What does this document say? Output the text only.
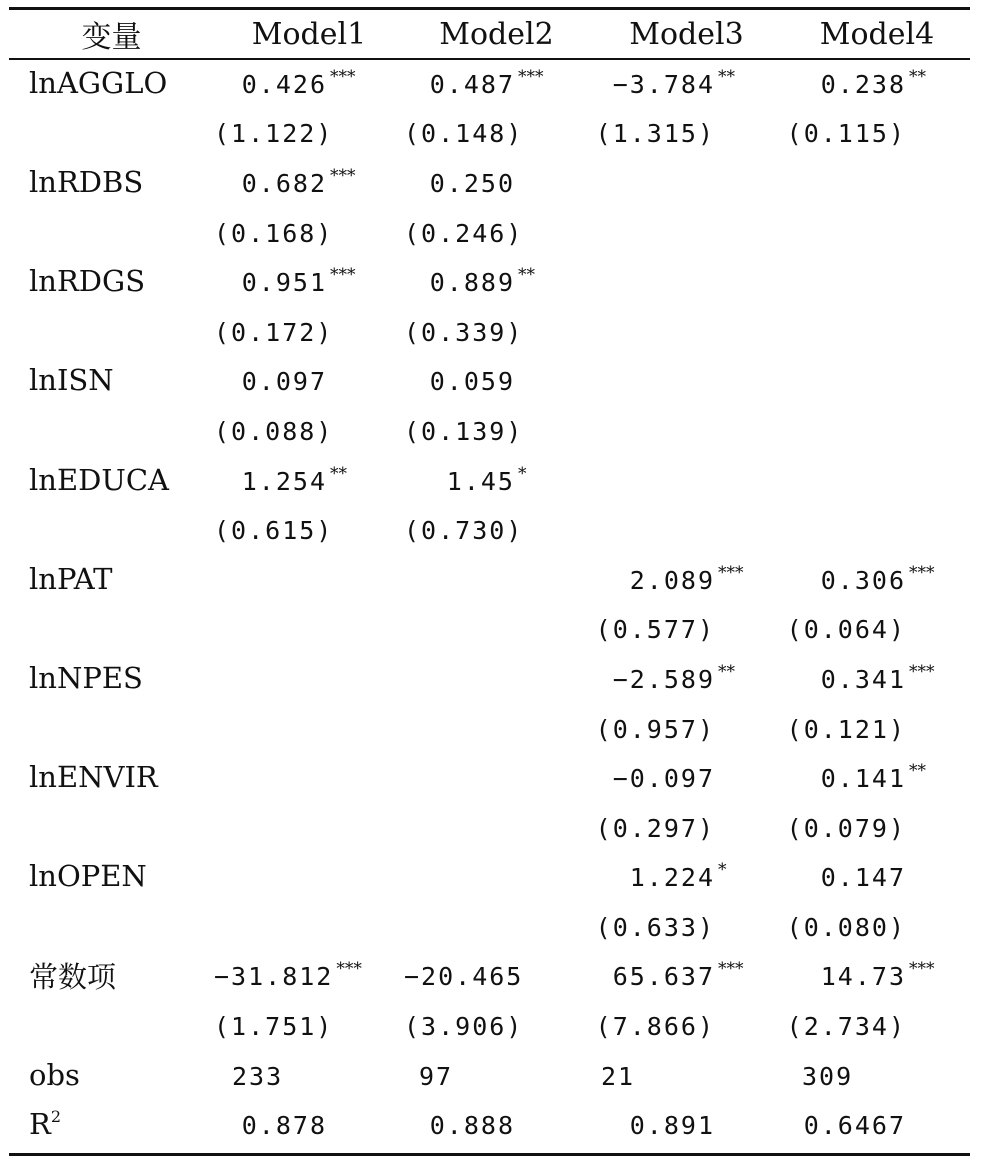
变量	Model1	Model2	Model3	Model4
lnAGGLO	0.426 ***	0.487 ***	−3.784 **	0.238 **
	(1.122)	(0.148)	(1.315)	(0.115)
lnRDBS	0.682 ***	0.250		
	(0.168)	(0.246)		
lnRDGS	0.951 ***	0.889 **		
	(0.172)	(0.339)		
lnISN	0.097	0.059		
	(0.088)	(0.139)		
lnEDUCA	1.254 **	1.45 *		
	(0.615)	(0.730)		
lnPAT			2.089 ***	0.306 ***
			(0.577)	(0.064)
lnNPES			−2.589 **	0.341 ***
			(0.957)	(0.121)
lnENVIR			−0.097	0.141 **
			(0.297)	(0.079)
lnOPEN			1.224 *	0.147
			(0.633)	(0.080)
常数项	−31.812 ***	−20.465	65.637 ***	14.73 ***
	(1.751)	(3.906)	(7.866)	(2.734)
obs	233	97	21	309
$R^2$	0.878	0.888	0.891	0.6467
